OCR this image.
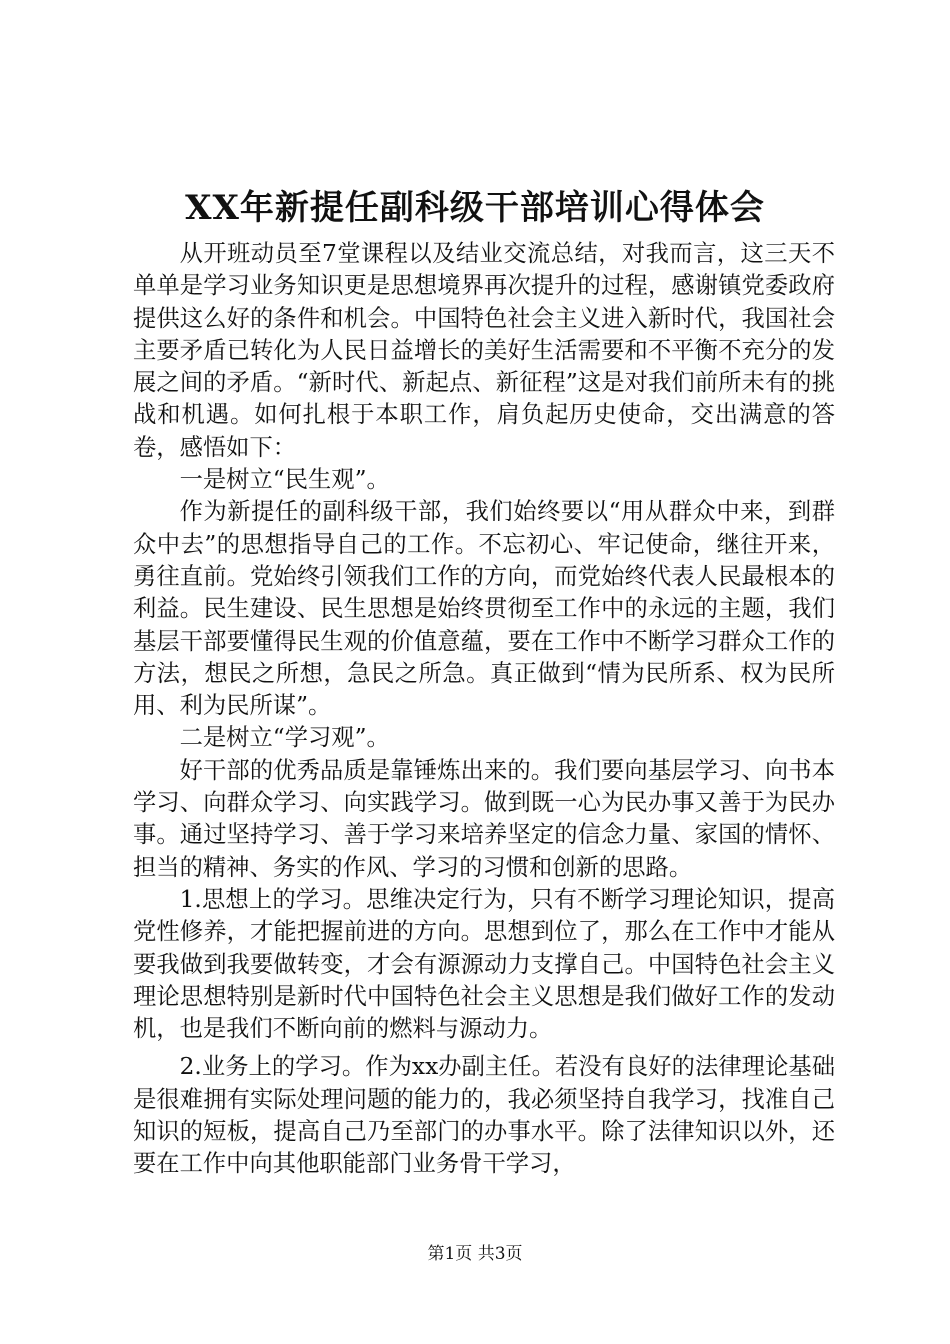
XX年新提任副科级干部培训心得体会

从开班动员至7堂课程以及结业交流总结，对我而言，这三天不单单是学习业务知识更是思想境界再次提升的过程，感谢镇党委政府提供这么好的条件和机会。中国特色社会主义进入新时代，我国社会主要矛盾已转化为人民日益增长的美好生活需要和不平衡不充分的发展之间的矛盾。“新时代、新起点、新征程”这是对我们前所未有的挑战和机遇。如何扎根于本职工作，肩负起历史使命，交出满意的答卷，感悟如下：

一是树立“民生观”。

作为新提任的副科级干部，我们始终要以“用从群众中来，到群众中去”的思想指导自己的工作。不忘初心、牢记使命，继往开来，勇往直前。党始终引领我们工作的方向，而党始终代表人民最根本的利益。民生建设、民生思想是始终贯彻至工作中的永远的主题，我们基层干部要懂得民生观的价值意蕴，要在工作中不断学习群众工作的方法，想民之所想，急民之所急。真正做到“情为民所系、权为民所用、利为民所谋”。

二是树立“学习观”。

好干部的优秀品质是靠锤炼出来的。我们要向基层学习、向书本学习、向群众学习、向实践学习。做到既一心为民办事又善于为民办事。通过坚持学习、善于学习来培养坚定的信念力量、家国的情怀、担当的精神、务实的作风、学习的习惯和创新的思路。

1.思想上的学习。思维决定行为，只有不断学习理论知识，提高党性修养，才能把握前进的方向。思想到位了，那么在工作中才能从要我做到我要做转变，才会有源源动力支撑自己。中国特色社会主义理论思想特别是新时代中国特色社会主义思想是我们做好工作的发动机，也是我们不断向前的燃料与源动力。

2.业务上的学习。作为xx办副主任。若没有良好的法律理论基础是很难拥有实际处理问题的能力的，我必须坚持自我学习，找准自己知识的短板，提高自己乃至部门的办事水平。除了法律知识以外，还要在工作中向其他职能部门业务骨干学习，

第1页 共3页
